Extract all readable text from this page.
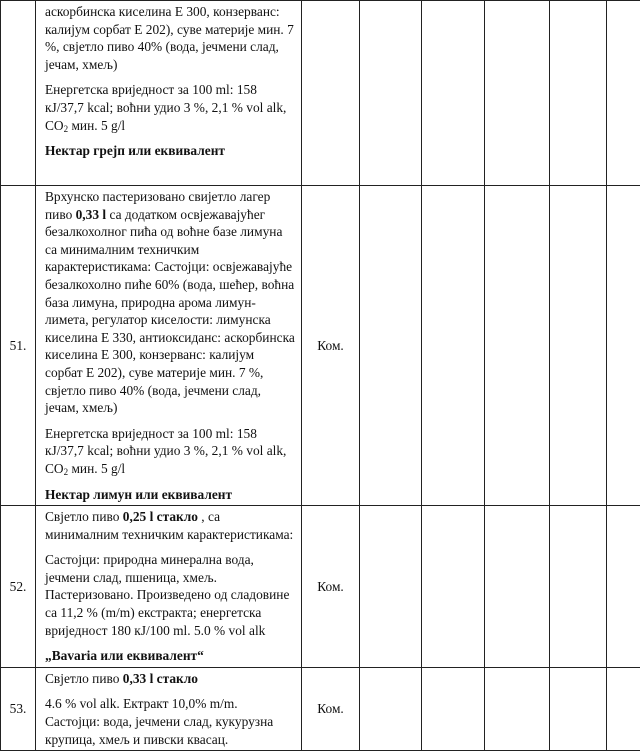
	аскорбинска киселина Е 300, конзерванс: калијум сорбат Е 202), суве материје мин. 7 %, свјетло пиво 40% (вода, јечмени слад, јечам, хмељ)

Енергетска вриједност за 100 ml: 158 кЈ/37,7 kcal; воћни удио 3 %, 2,1 % vol alk, $CO_2$ мин. 5 g/l

Нектар грејп или еквивалент						

51.	Врхунско пастеризовано свијетло лагер пиво 0,33 l са додатком освјежавајућег безалкохолног пића од воћне базе лимуна са минималним техничким карактеристикама: Састојци: освјежавајуће безалкохолно пиће 60% (вода, шећер, воћна база лимуна, природна арома лимун-лимета, регулатор киселости: лимунска киселина Е 330, антиоксиданс: аскорбинска киселина Е 300, конзерванс: калијум сорбат Е 202), суве материје мин. 7 %, свјетло пиво 40% (вода, јечмени слад, јечам, хмељ)

Енергетска вриједност за 100 ml: 158 кЈ/37,7 kcal; воћни удио 3 %, 2,1 % vol alk, $CO_2$ мин. 5 g/l

Нектар лимун или еквивалент	Ком.					
52.	Свјетло пиво 0,25 l стакло , са минималним техничким карактеристикама:

Састојци: природна минерална вода, јечмени слад, пшеница, хмељ. Пастеризовано. Произведено од сладовине са 11,2 % (m/m) екстракта; енергетска вриједност 180 кЈ/100 ml. 5.0 % vol alk

„Bavaria или еквивалент“	Ком.					
53.	Свјетло пиво 0,33 l стакло

4.6 % vol alk. Ектракт 10,0% m/m. Састојци: вода, јечмени слад, кукурузна крупица, хмељ и пивски квасац.	Ком.					
